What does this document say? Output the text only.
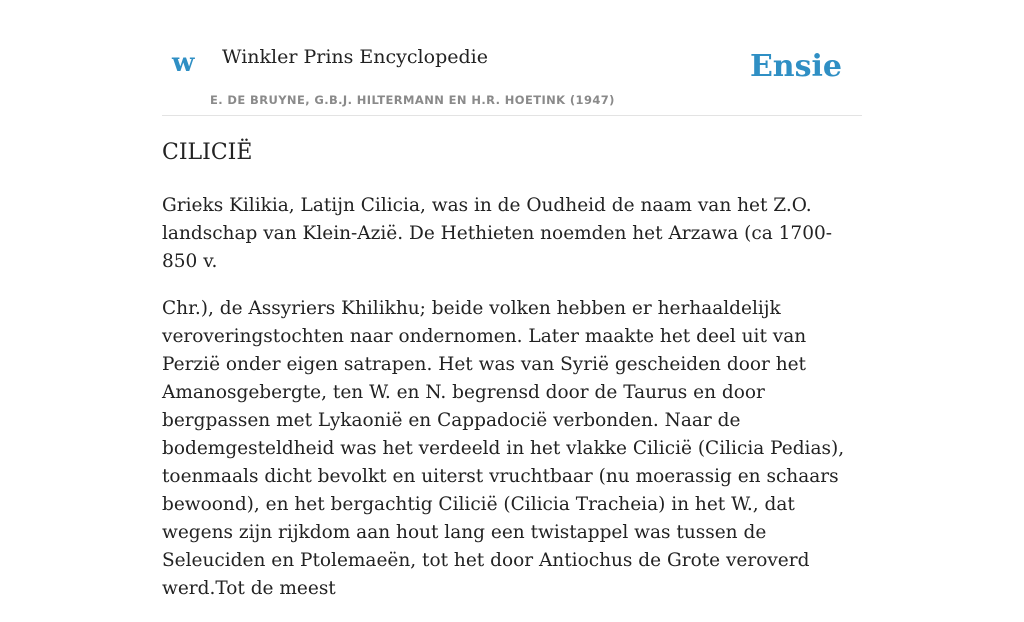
w Winkler Prins Encyclopedie
E. DE BRUYNE, G.B.J. HILTERMANN EN H.R. HOETINK (1947)
Ensie
CILICIË

Grieks Kilikia, Latijn Cilicia, was in de Oudheid de naam van het Z.O. landschap van Klein-Azië. De Hethieten noemden het Arzawa (ca 1700-850 v.

Chr.), de Assyriers Khilikhu; beide volken hebben er herhaaldelijk veroveringstochten naar ondernomen. Later maakte het deel uit van Perzië onder eigen satrapen. Het was van Syrië gescheiden door het Amanosgebergte, ten W. en N. begrensd door de Taurus en door bergpassen met Lykaonië en Cappadocië verbonden. Naar de bodemgesteldheid was het verdeeld in het vlakke Cilicië (Cilicia Pedias), toenmaals dicht bevolkt en uiterst vruchtbaar (nu moerassig en schaars bewoond), en het bergachtig Cilicië (Cilicia Tracheia) in het W., dat wegens zijn rijkdom aan hout lang een twistappel was tussen de Seleuciden en Ptolemaeën, tot het door Antiochus de Grote veroverd werd.Tot de meest
